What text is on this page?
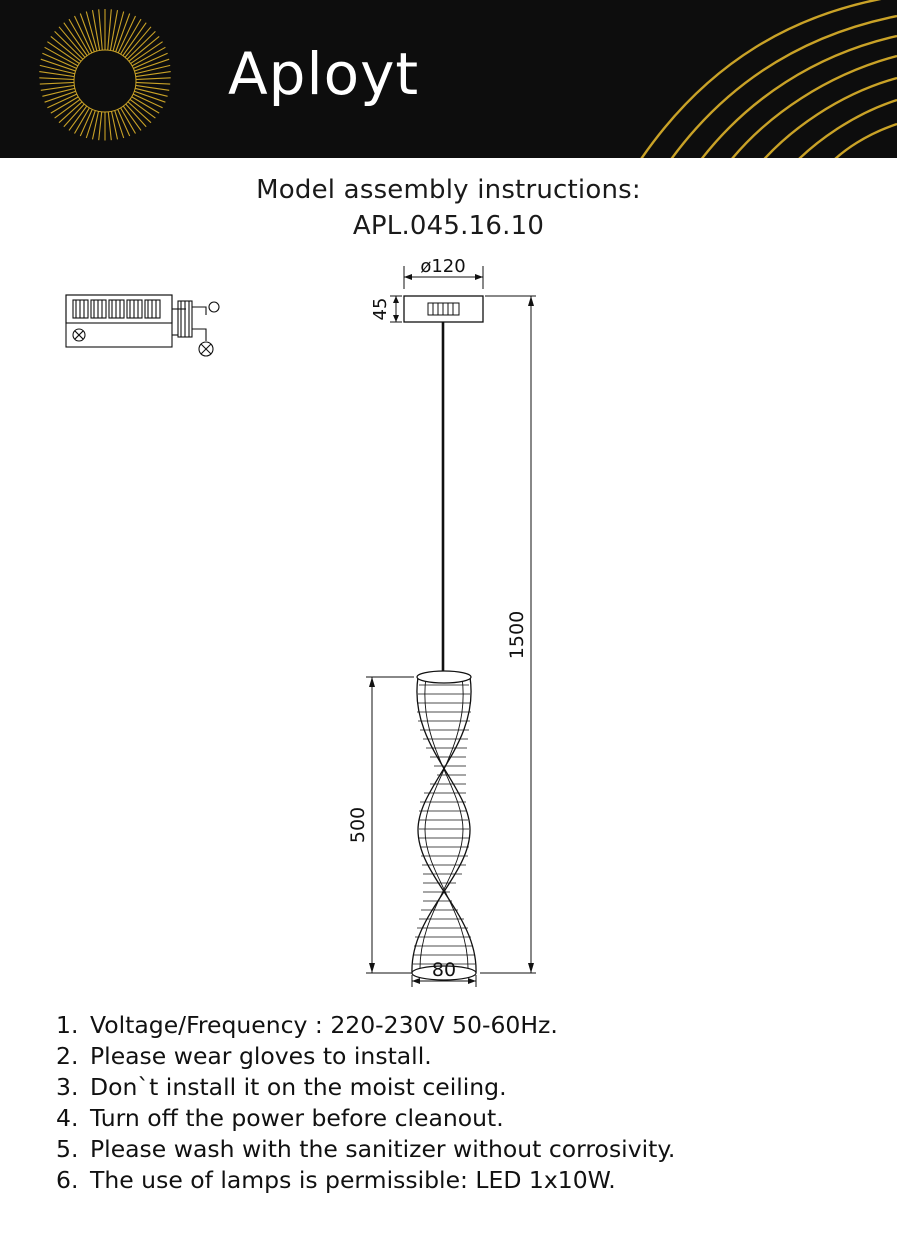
Aployt
Model assembly instructions:
APL.045.16.10
ø120
45
1500
500
80
1. Voltage/Frequency : 220-230V 50-60Hz.
2. Please wear gloves to install.
3. Don`t install it on the moist ceiling.
4. Turn off the power before cleanout.
5. Please wash with the sanitizer without corrosivity.
6. The use of lamps is permissible: LED 1x10W.
